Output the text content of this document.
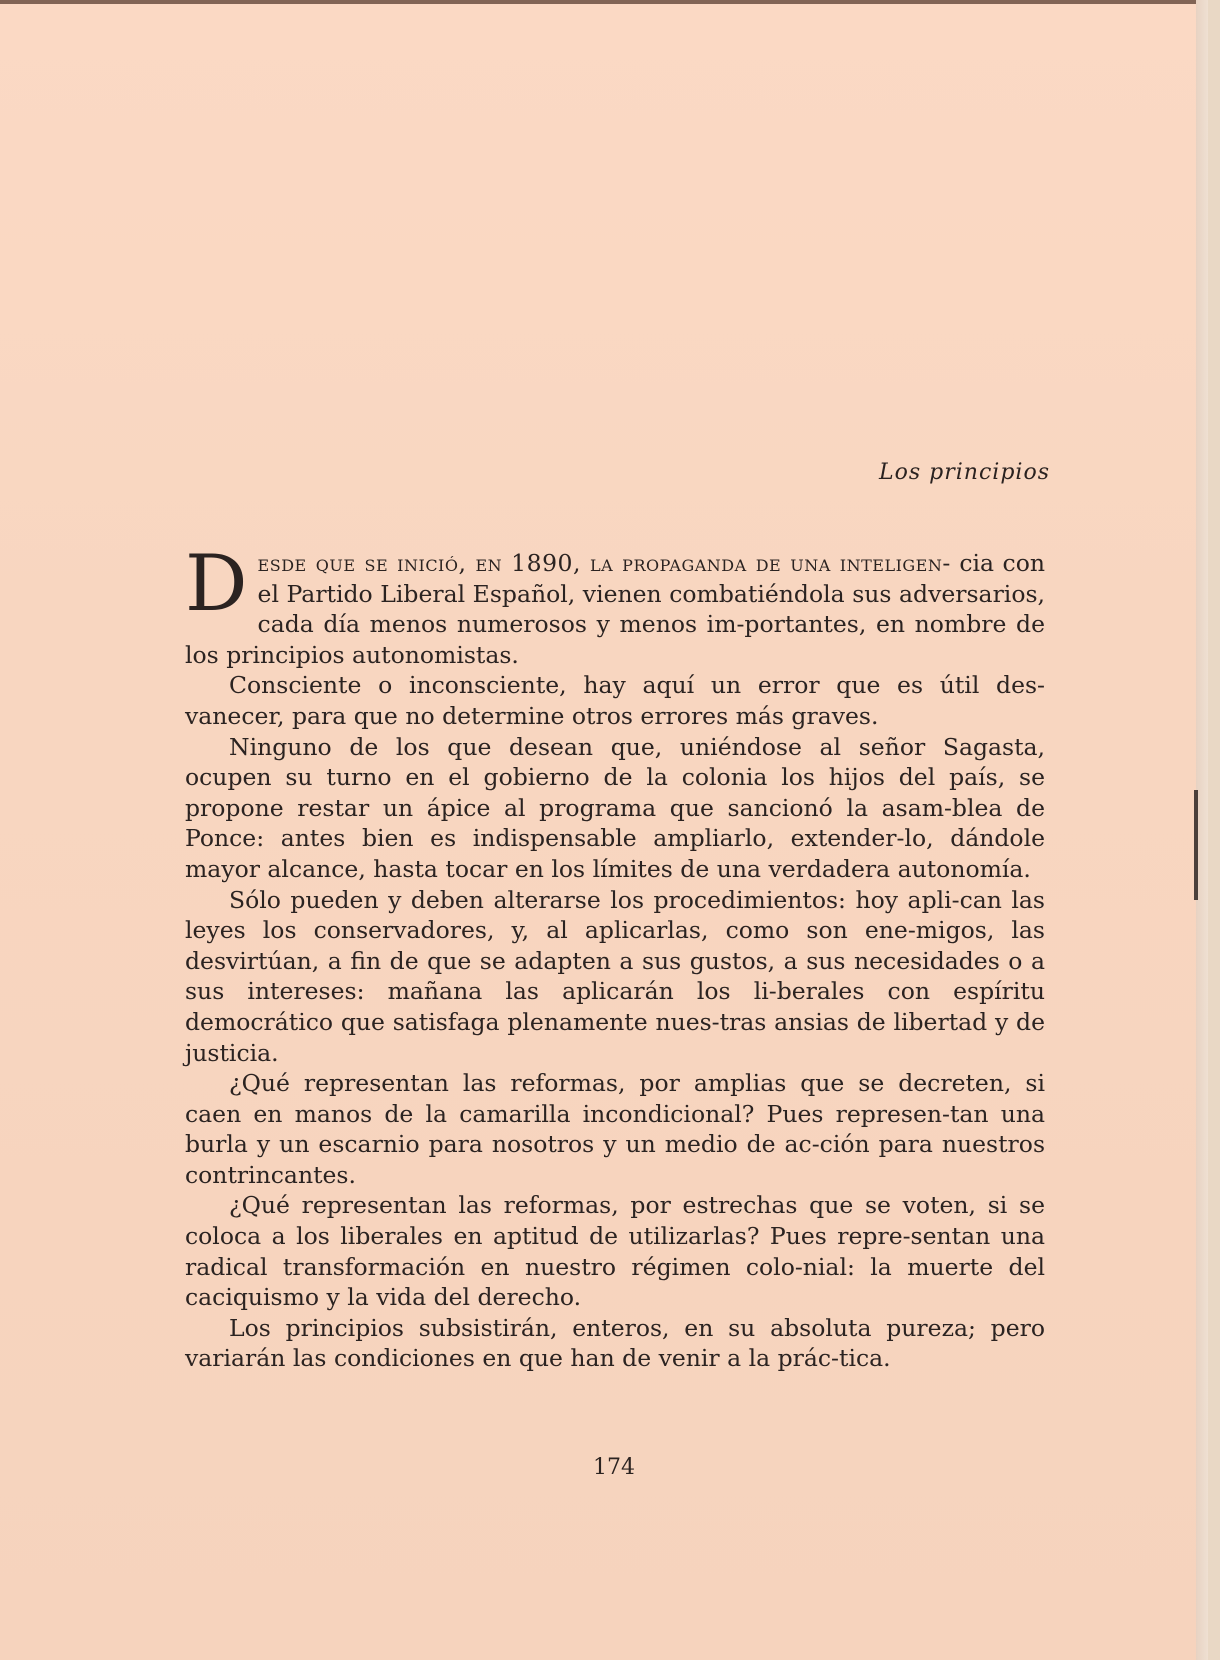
Los principios

D esde que se inició, en 1890, la propaganda de una inteligen- cia con el Partido Liberal Español, vienen combatiéndola sus adversarios, cada día menos numerosos y menos im-portantes, en nombre de los principios autonomistas.

Consciente o inconsciente, hay aquí un error que es útil des-vanecer, para que no determine otros errores más graves.

Ninguno de los que desean que, uniéndose al señor Sagasta, ocupen su turno en el gobierno de la colonia los hijos del país, se propone restar un ápice al programa que sancionó la asam-blea de Ponce: antes bien es indispensable ampliarlo, extender-lo, dándole mayor alcance, hasta tocar en los límites de una verdadera autonomía.

Sólo pueden y deben alterarse los procedimientos: hoy apli-can las leyes los conservadores, y, al aplicarlas, como son ene-migos, las desvirtúan, a fin de que se adapten a sus gustos, a sus necesidades o a sus intereses: mañana las aplicarán los li-berales con espíritu democrático que satisfaga plenamente nues-tras ansias de libertad y de justicia.

¿Qué representan las reformas, por amplias que se decreten, si caen en manos de la camarilla incondicional? Pues represen-tan una burla y un escarnio para nosotros y un medio de ac-ción para nuestros contrincantes.

¿Qué representan las reformas, por estrechas que se voten, si se coloca a los liberales en aptitud de utilizarlas? Pues repre-sentan una radical transformación en nuestro régimen colo-nial: la muerte del caciquismo y la vida del derecho.

Los principios subsistirán, enteros, en su absoluta pureza; pero variarán las condiciones en que han de venir a la prác-tica.

174
